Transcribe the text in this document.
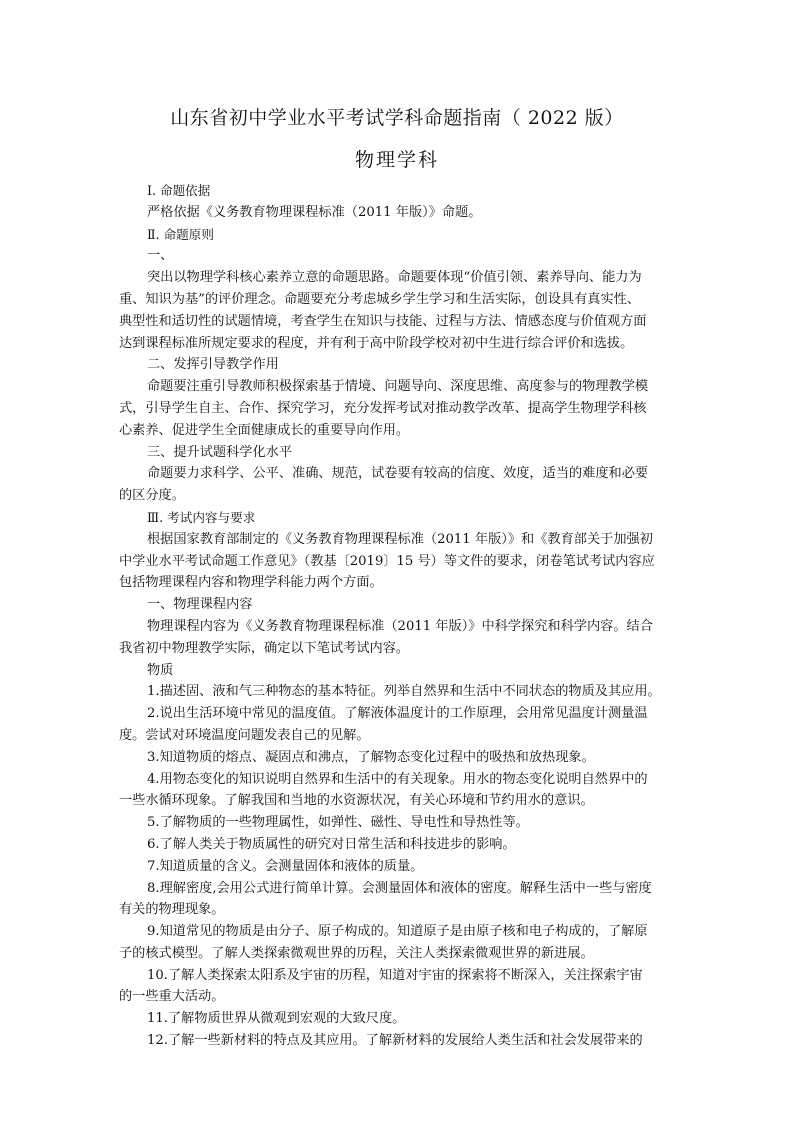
山东省初中学业水平考试学科命题指南（ 2022 版）
物理学科

Ⅰ. 命题依据

严格依据《义务教育物理课程标准（2011 年版）》命题。

Ⅱ. 命题原则

一、

突出以物理学科核心素养立意的命题思路。命题要体现“价值引领、素养导向、能力为

重、知识为基”的评价理念。命题要充分考虑城乡学生学习和生活实际，创设具有真实性、

典型性和适切性的试题情境，考查学生在知识与技能、过程与方法、情感态度与价值观方面

达到课程标准所规定要求的程度，并有利于高中阶段学校对初中生进行综合评价和选拔。

二、发挥引导教学作用

命题要注重引导教师积极探索基于情境、问题导向、深度思维、高度参与的物理教学模

式，引导学生自主、合作、探究学习，充分发挥考试对推动教学改革、提高学生物理学科核

心素养、促进学生全面健康成长的重要导向作用。

三、提升试题科学化水平

命题要力求科学、公平、准确、规范，试卷要有较高的信度、效度，适当的难度和必要

的区分度。

Ⅲ. 考试内容与要求

根据国家教育部制定的《义务教育物理课程标准（2011 年版）》和《教育部关于加强初

中学业水平考试命题工作意见》（教基〔2019〕15 号）等文件的要求，闭卷笔试考试内容应

包括物理课程内容和物理学科能力两个方面。

一、物理课程内容

物理课程内容为《义务教育物理课程标准（2011 年版）》中科学探究和科学内容。结合

我省初中物理教学实际，确定以下笔试考试内容。

物质

1.描述固、液和气三种物态的基本特征。列举自然界和生活中不同状态的物质及其应用。

2.说出生活环境中常见的温度值。了解液体温度计的工作原理，会用常见温度计测量温

度。尝试对环境温度问题发表自己的见解。

3.知道物质的熔点、凝固点和沸点，了解物态变化过程中的吸热和放热现象。

4.用物态变化的知识说明自然界和生活中的有关现象。用水的物态变化说明自然界中的

一些水循环现象。了解我国和当地的水资源状况，有关心环境和节约用水的意识。

5.了解物质的一些物理属性，如弹性、磁性、导电性和导热性等。

6.了解人类关于物质属性的研究对日常生活和科技进步的影响。

7.知道质量的含义。会测量固体和液体的质量。

8.理解密度,会用公式进行简单计算。会测量固体和液体的密度。解释生活中一些与密度

有关的物理现象。

9.知道常见的物质是由分子、原子构成的。知道原子是由原子核和电子构成的，了解原

子的核式模型。了解人类探索微观世界的历程，关注人类探索微观世界的新进展。

10.了解人类探索太阳系及宇宙的历程，知道对宇宙的探索将不断深入，关注探索宇宙

的一些重大活动。

11.了解物质世界从微观到宏观的大致尺度。

12.了解一些新材料的特点及其应用。了解新材料的发展给人类生活和社会发展带来的
